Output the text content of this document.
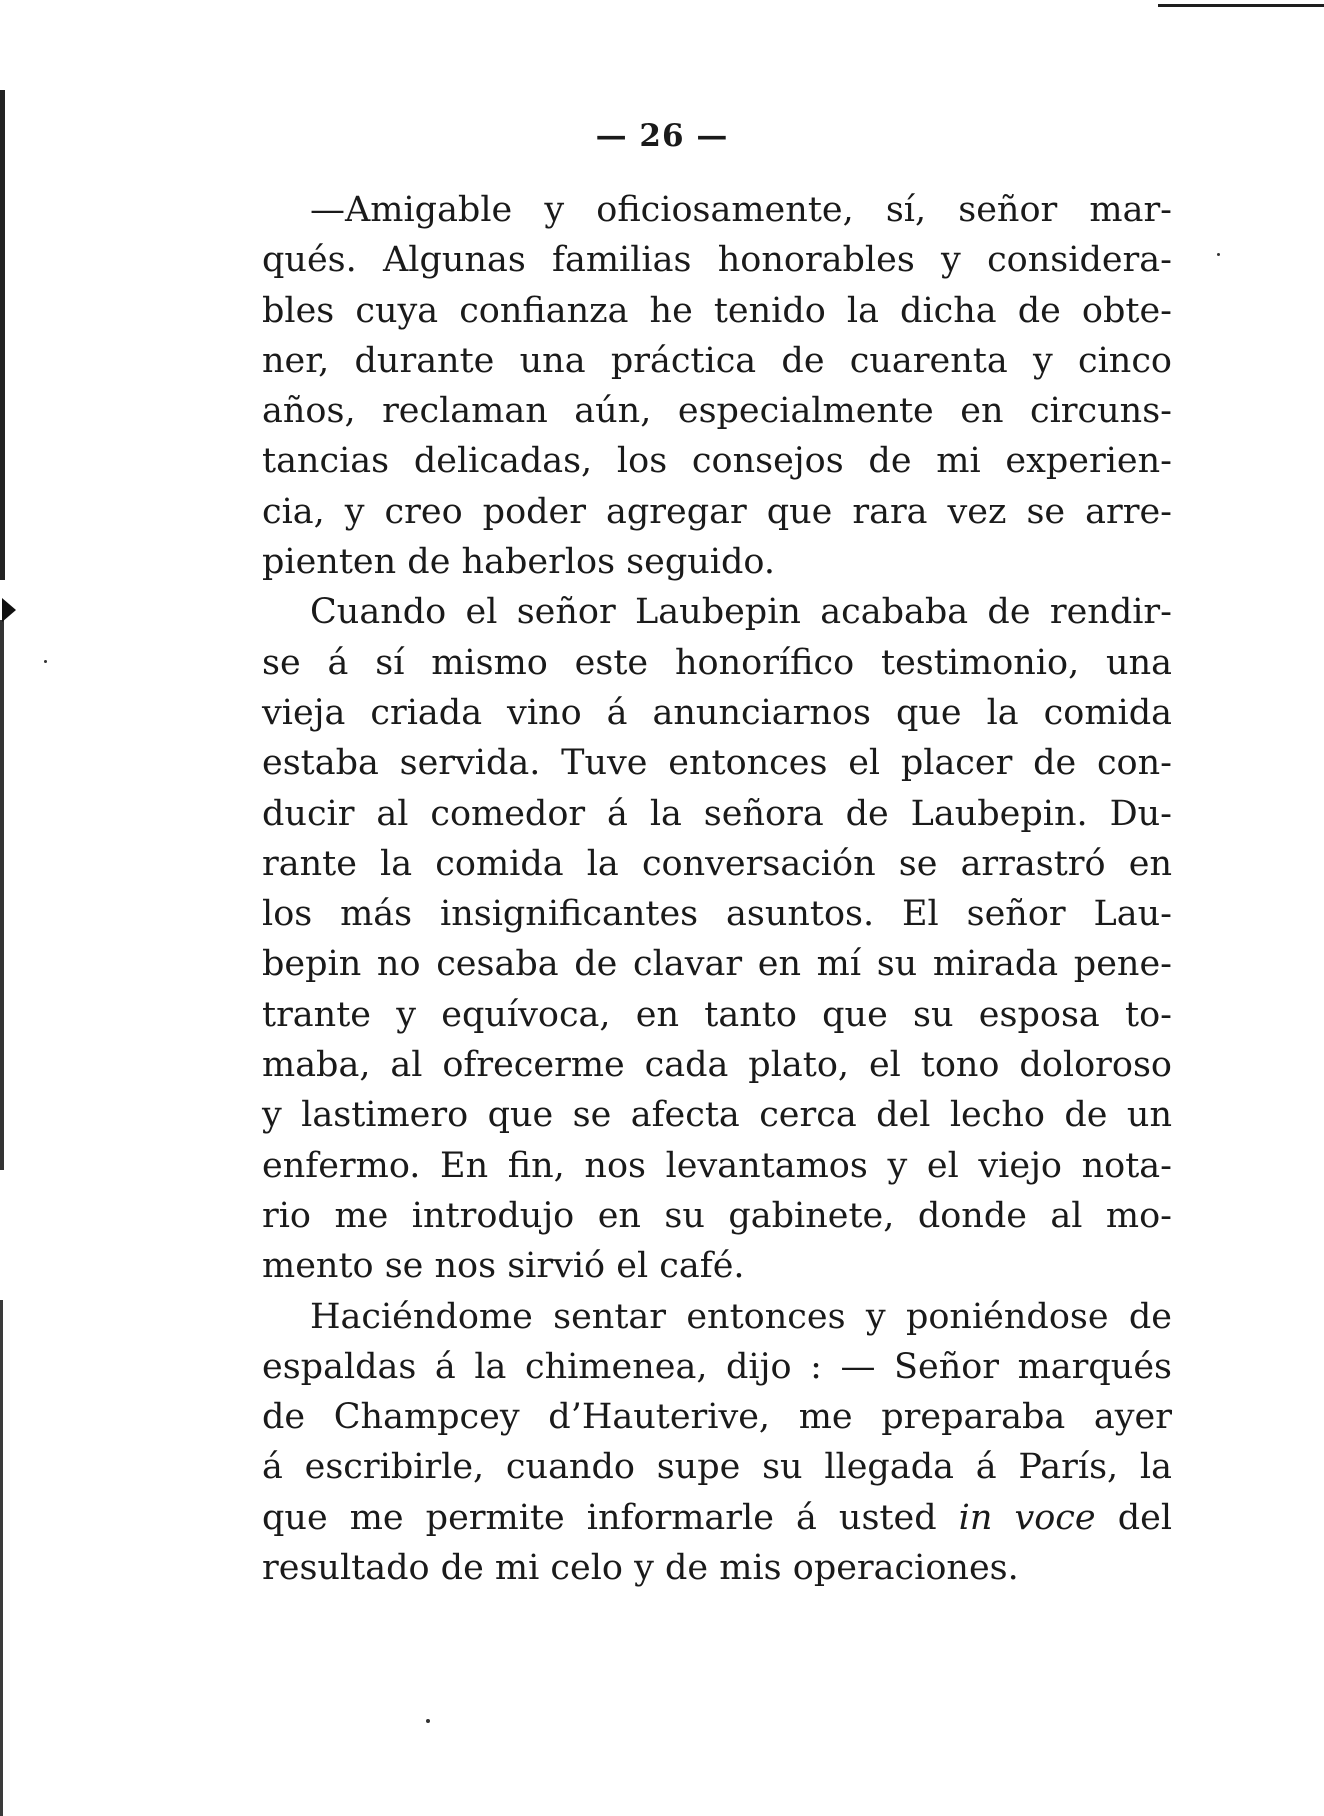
— 26 —
—Amigable y oficiosamente, sí, señor mar-
qués. Algunas familias honorables y considera-
bles cuya confianza he tenido la dicha de obte-
ner, durante una práctica de cuarenta y cinco
años, reclaman aún, especialmente en circuns-
tancias delicadas, los consejos de mi experien-
cia, y creo poder agregar que rara vez se arre-
pienten de haberlos seguido.
Cuando el señor Laubepin acababa de rendir-
se á sí mismo este honorífico testimonio, una
vieja criada vino á anunciarnos que la comida
estaba servida. Tuve entonces el placer de con-
ducir al comedor á la señora de Laubepin. Du-
rante la comida la conversación se arrastró en
los más insignificantes asuntos. El señor Lau-
bepin no cesaba de clavar en mí su mirada pene-
trante y equívoca, en tanto que su esposa to-
maba, al ofrecerme cada plato, el tono doloroso
y lastimero que se afecta cerca del lecho de un
enfermo. En fin, nos levantamos y el viejo nota-
rio me introdujo en su gabinete, donde al mo-
mento se nos sirvió el café.
Haciéndome sentar entonces y poniéndose de
espaldas á la chimenea, dijo : — Señor marqués
de Champcey d’Hauterive, me preparaba ayer
á escribirle, cuando supe su llegada á París, la
que me permite informarle á usted in voce del
resultado de mi celo y de mis operaciones.
